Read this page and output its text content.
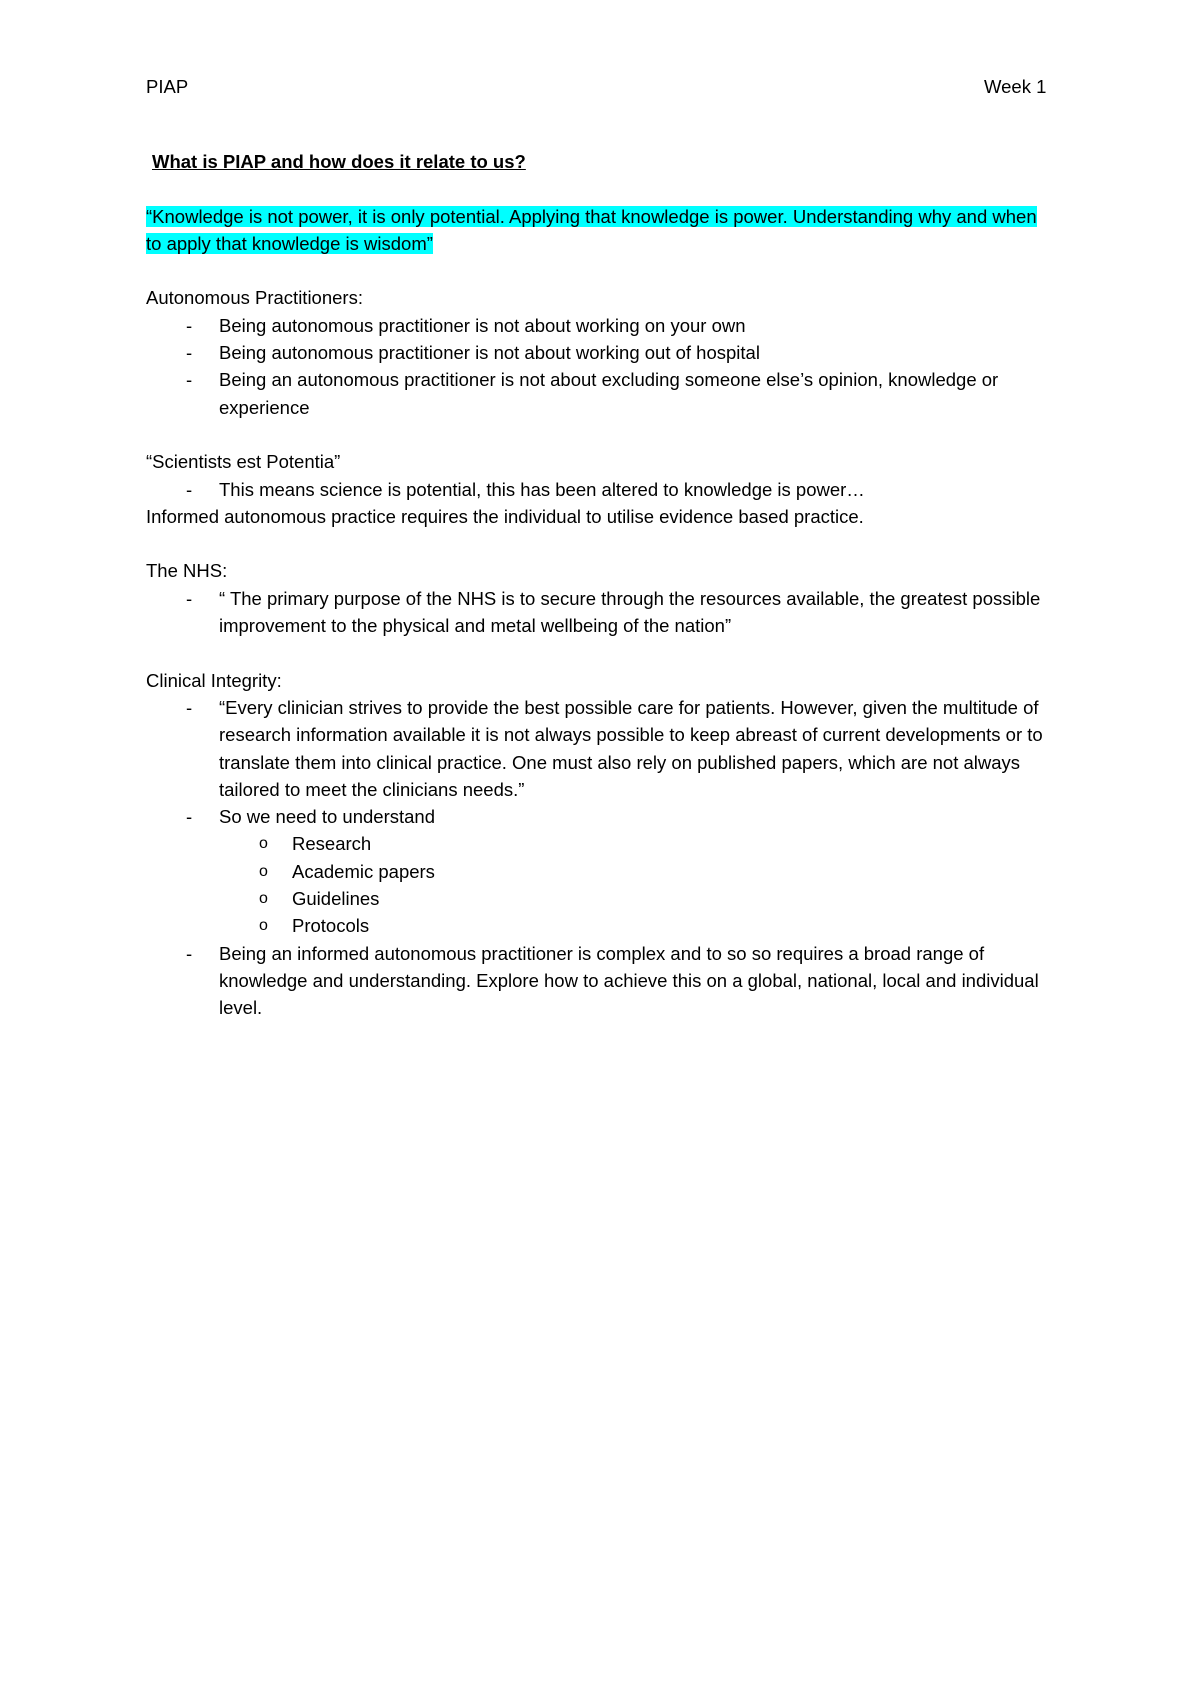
PIAP	Week 1
What is PIAP and how does it relate to us?
“Knowledge is not power, it is only potential. Applying that knowledge is power. Understanding why and when to apply that knowledge is wisdom”
Autonomous Practitioners:
- Being autonomous practitioner is not about working on your own
- Being autonomous practitioner is not about working out of hospital
- Being an autonomous practitioner is not about excluding someone else’s opinion, knowledge or experience
“Scientists est Potentia”
- This means science is potential, this has been altered to knowledge is power…

Informed autonomous practice requires the individual to utilise evidence based practice.

The NHS:
- “ The primary purpose of the NHS is to secure through the resources available, the greatest possible improvement to the physical and metal wellbeing of the nation”
Clinical Integrity:
- “Every clinician strives to provide the best possible care for patients. However, given the multitude of research information available it is not always possible to keep abreast of current developments or to translate them into clinical practice. One must also rely on published papers, which are not always tailored to meet the clinicians needs.”
- So we need to understand
o Research
o Academic papers
o Guidelines
o Protocols
- Being an informed autonomous practitioner is complex and to so so requires a broad range of knowledge and understanding. Explore how to achieve this on a global, national, local and individual level.
